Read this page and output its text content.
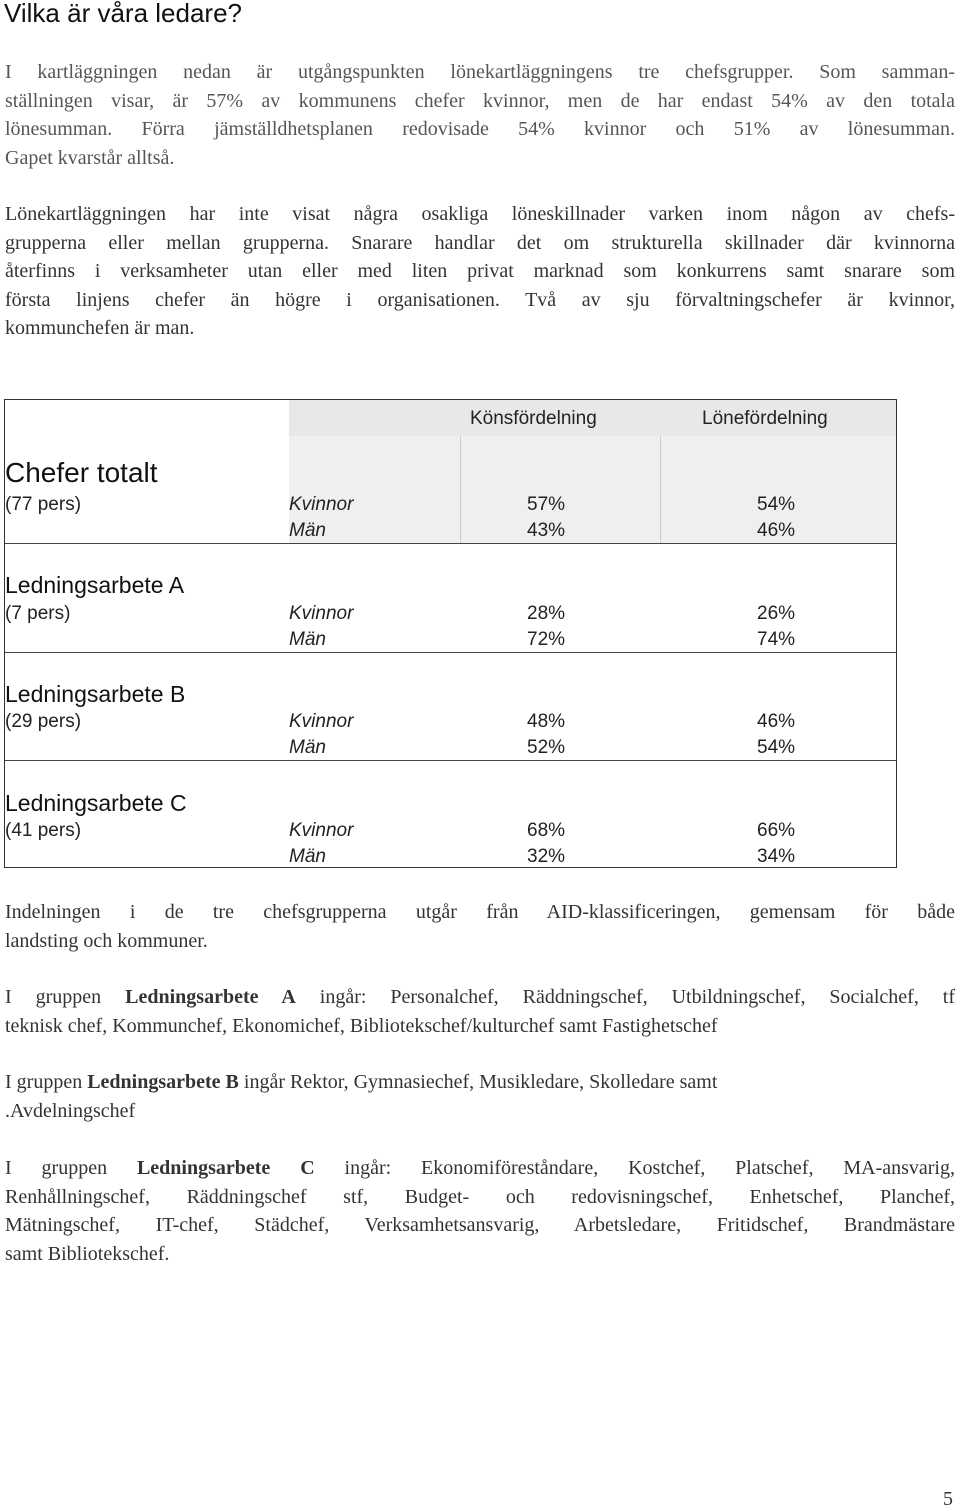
Vilka är våra ledare?

I kartläggningen nedan är utgångspunkten lönekartläggningens tre chefsgrupper. Som samman-
ställningen visar, är 57% av kommunens chefer kvinnor, men de har endast 54% av den totala
lönesumman. Förra jämställdhetsplanen redovisade 54% kvinnor och 51% av lönesumman.
Gapet kvarstår alltså.

Lönekartläggningen har inte visat några osakliga löneskillnader varken inom någon av chefs-
grupperna eller mellan grupperna. Snarare handlar det om strukturella skillnader där kvinnorna
återfinns i verksamheter utan eller med liten privat marknad som konkurrens samt snarare som
första linjens chefer än högre i organisationen. Två av sju förvaltningschefer är kvinnor,
kommunchefen är man.

Könsfördelning	Lönefördelning
Chefer totalt
(77 pers)	Kvinnor	57%	54%
Män	43%	46%
Ledningsarbete A
(7 pers)	Kvinnor	28%	26%
Män	72%	74%
Ledningsarbete B
(29 pers)	Kvinnor	48%	46%
Män	52%	54%
Ledningsarbete C
(41 pers)	Kvinnor	68%	66%
Män	32%	34%

Indelningen i de tre chefsgrupperna utgår från AID-klassificeringen, gemensam för både
landsting och kommuner.

I gruppen Ledningsarbete A ingår: Personalchef, Räddningschef, Utbildningschef, Socialchef, tf
teknisk chef, Kommunchef, Ekonomichef, Bibliotekschef/kulturchef samt Fastighetschef

I gruppen Ledningsarbete B ingår Rektor, Gymnasiechef, Musikledare, Skolledare samt
.Avdelningschef

I gruppen Ledningsarbete C ingår: Ekonomiföreståndare, Kostchef, Platschef, MA-ansvarig,
Renhållningschef, Räddningschef stf, Budget- och redovisningschef, Enhetschef, Planchef,
Mätningschef, IT-chef, Städchef, Verksamhetsansvarig, Arbetsledare, Fritidschef, Brandmästare
samt Bibliotekschef.

5
